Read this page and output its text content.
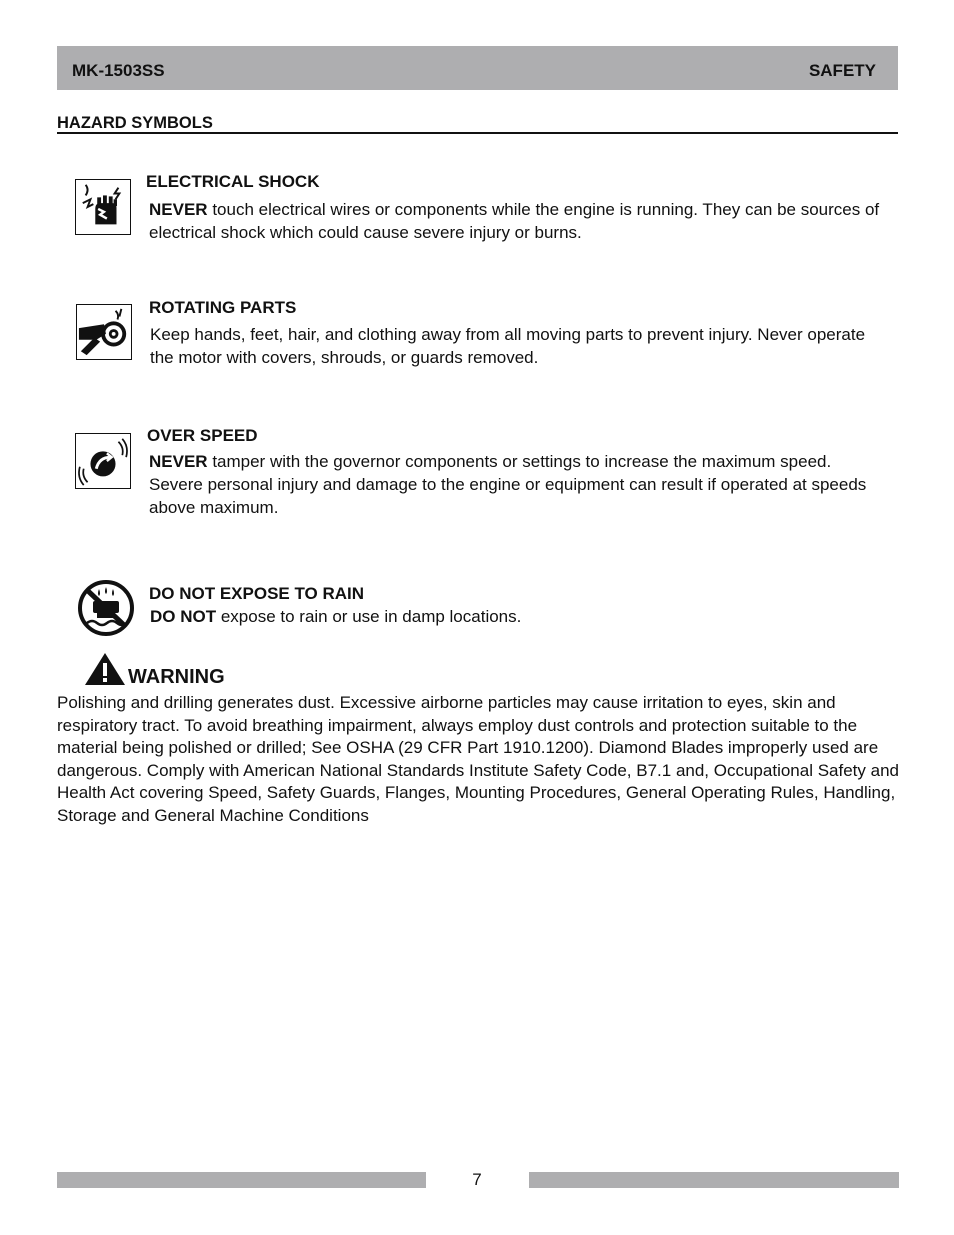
MK-1503SS	SAFETY
HAZARD SYMBOLS
ELECTRICAL SHOCK
NEVER touch electrical wires or components while the engine is running. They can be sources of electrical shock which could cause severe injury or burns.
ROTATING PARTS
Keep hands, feet, hair, and clothing away from all moving parts to prevent injury. Never operate the motor with covers, shrouds, or guards removed.
OVER SPEED
NEVER tamper with the governor components or settings to increase the maximum speed. Severe personal injury and damage to the engine or equipment can result if operated at speeds above maximum.
DO NOT EXPOSE TO RAIN
DO NOT expose to rain or use in damp locations.
WARNING
Polishing and drilling generates dust. Excessive airborne particles may cause irritation to eyes, skin and respiratory tract. To avoid breathing impairment, always employ dust controls and protection suitable to the material being polished or drilled; See OSHA (29 CFR Part 1910.1200). Diamond Blades improperly used are dangerous. Comply with American National Standards Institute Safety Code, B7.1 and, Occupational Safety and Health Act covering Speed, Safety Guards, Flanges, Mounting Procedures, General Operating Rules, Handling, Storage and General Machine Conditions
7
